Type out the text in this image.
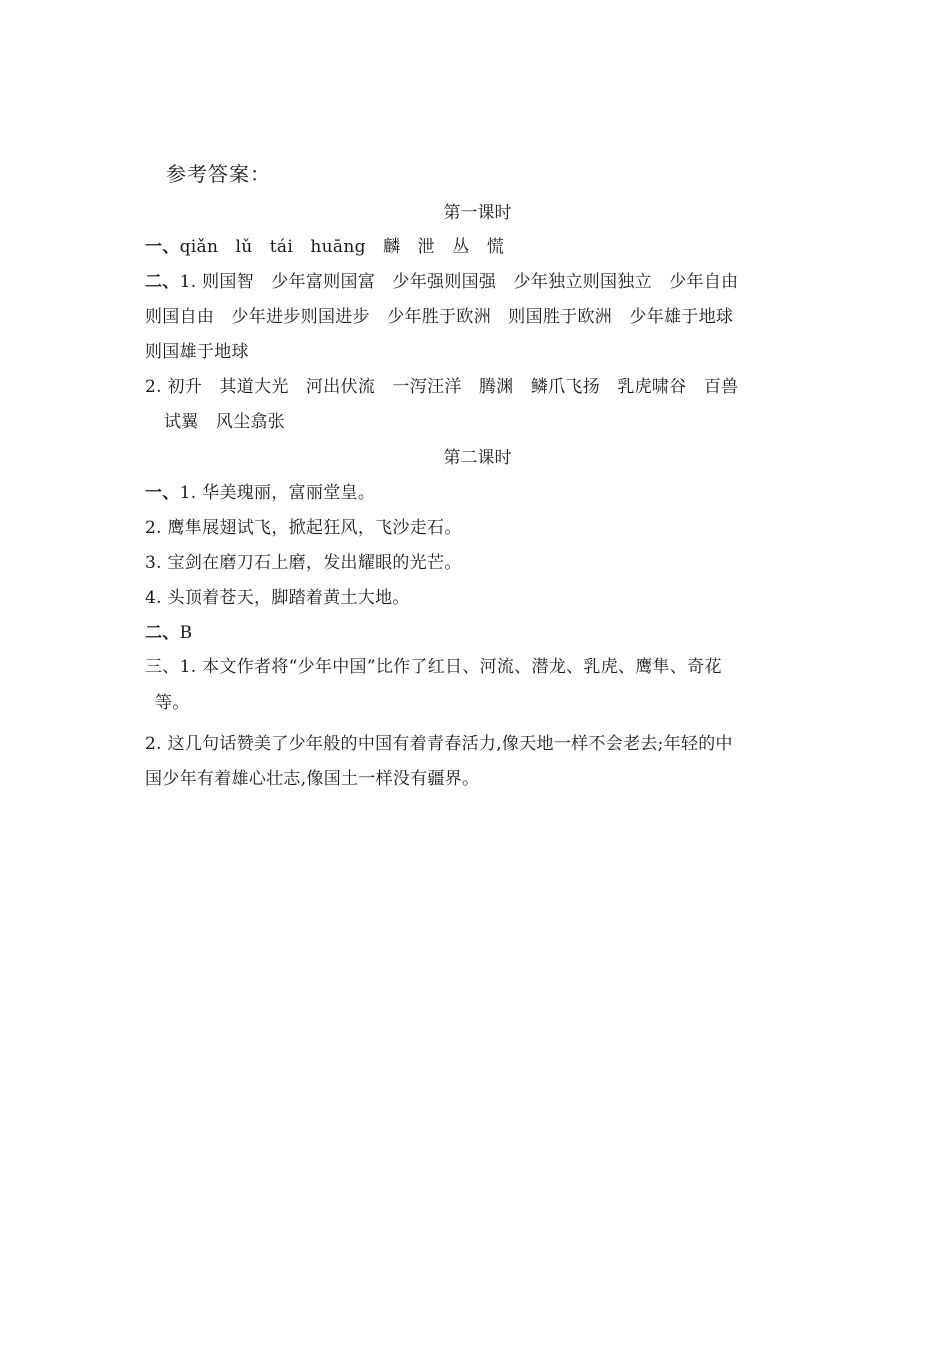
参考答案：
第一课时
一、qiǎn　lǔ　tái　huāng　麟　泄　丛　慌
二、1. 则国智　少年富则国富　少年强则国强　少年独立则国独立　少年自由
则国自由　少年进步则国进步　少年胜于欧洲　则国胜于欧洲　少年雄于地球
则国雄于地球
2. 初升　其道大光　河出伏流　一泻汪洋　腾渊　鳞爪飞扬　乳虎啸谷　百兽
试翼　风尘翕张
第二课时
一、1. 华美瑰丽，富丽堂皇。
2. 鹰隼展翅试飞，掀起狂风，飞沙走石。
3. 宝剑在磨刀石上磨，发出耀眼的光芒。
4. 头顶着苍天，脚踏着黄土大地。
二、B
三、1. 本文作者将“少年中国”比作了红日、河流、潜龙、乳虎、鹰隼、奇花
等。
2. 这几句话赞美了少年般的中国有着青春活力,像天地一样不会老去;年轻的中
国少年有着雄心壮志,像国土一样没有疆界。
